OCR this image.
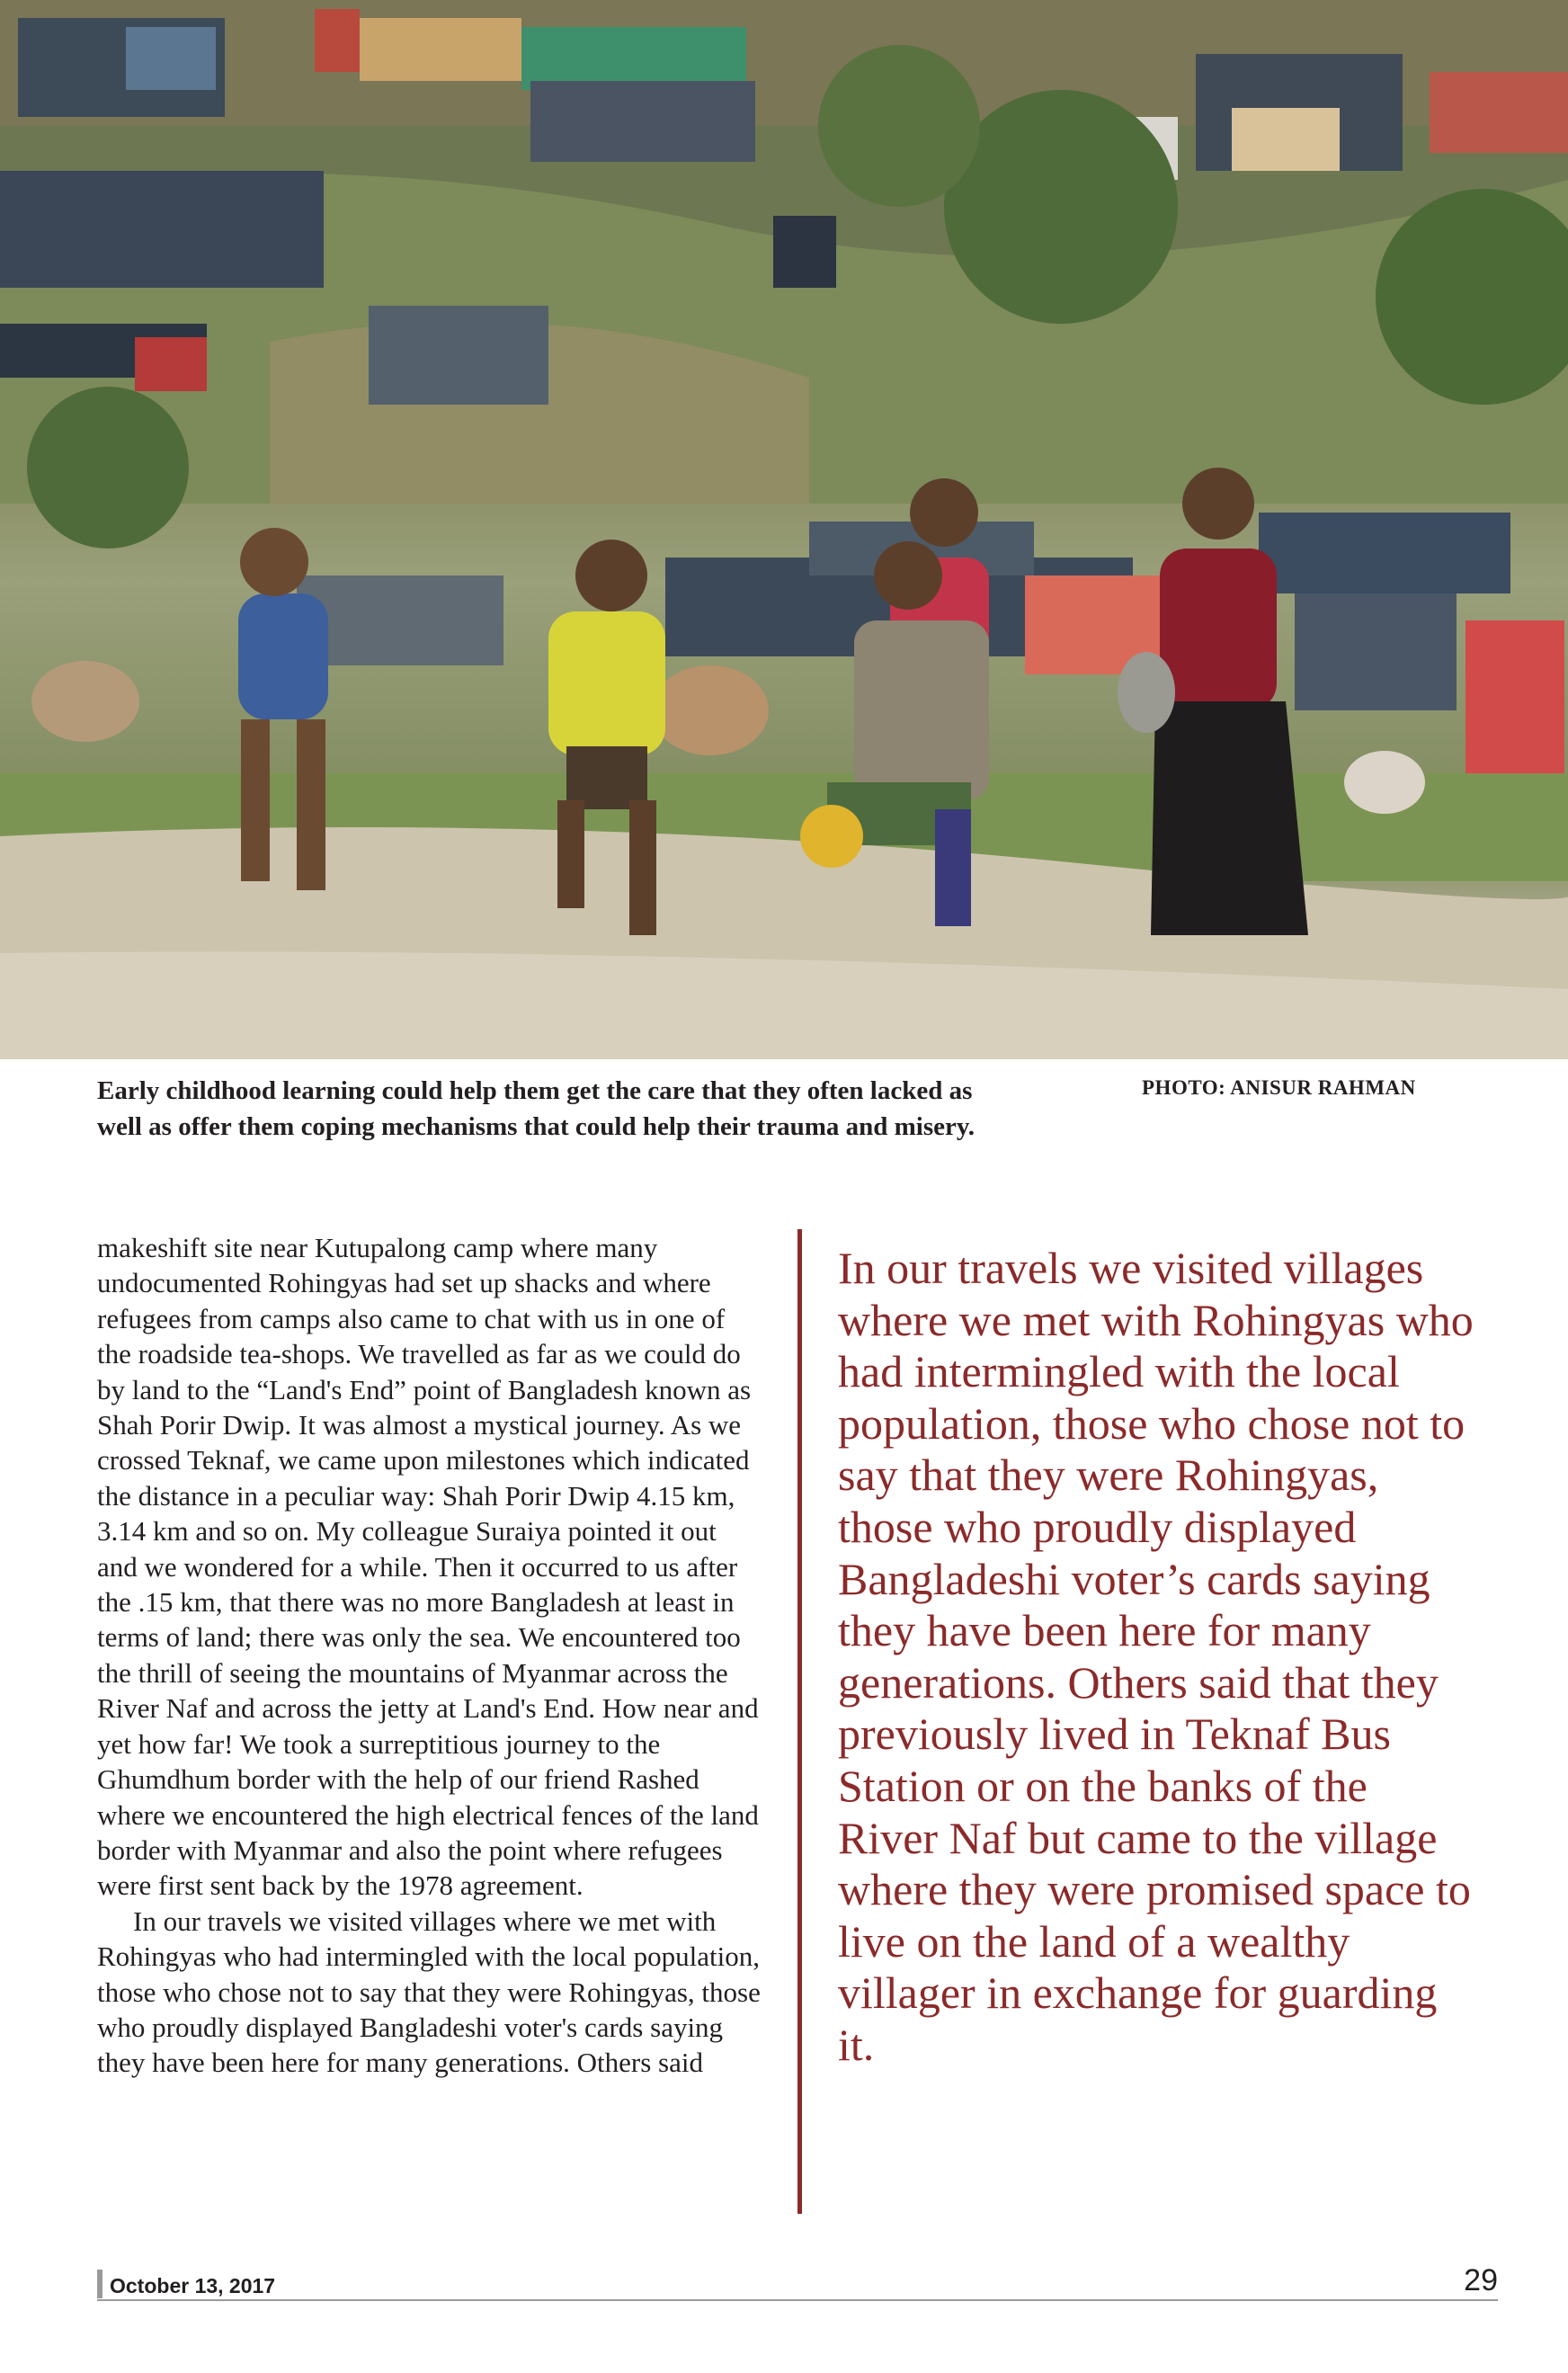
Early childhood learning could help them get the care that they often lacked as well as offer them coping mechanisms that could help their trauma and misery.

PHOTO: ANISUR RAHMAN

makeshift site near Kutupalong camp where many undocumented Rohingyas had set up shacks and where refugees from camps also came to chat with us in one of the roadside tea-shops. We travelled as far as we could do by land to the “Land's End” point of Bangladesh known as Shah Porir Dwip. It was almost a mystical journey. As we crossed Teknaf, we came upon milestones which indicated the distance in a peculiar way: Shah Porir Dwip 4.15 km, 3.14 km and so on. My colleague Suraiya pointed it out and we wondered for a while. Then it occurred to us after the .15 km, that there was no more Bangladesh at least in terms of land; there was only the sea. We encountered too the thrill of seeing the mountains of Myanmar across the River Naf and across the jetty at Land's End. How near and yet how far! We took a surreptitious journey to the Ghumdhum border with the help of our friend Rashed where we encountered the high electrical fences of the land border with Myanmar and also the point where refugees were first sent back by the 1978 agreement.

In our travels we visited villages where we met with Rohingyas who had intermingled with the local population, those who chose not to say that they were Rohingyas, those who proudly displayed Bangladeshi voter's cards saying they have been here for many generations. Others said

In our travels we visited villages where we met with Rohingyas who had intermingled with the local population, those who chose not to say that they were Rohingyas, those who proudly displayed Bangladeshi voter’s cards saying they have been here for many generations. Others said that they previously lived in Teknaf Bus Station or on the banks of the River Naf but came to the village where they were promised space to live on the land of a wealthy villager in exchange for guarding it.

October 13, 2017	29
